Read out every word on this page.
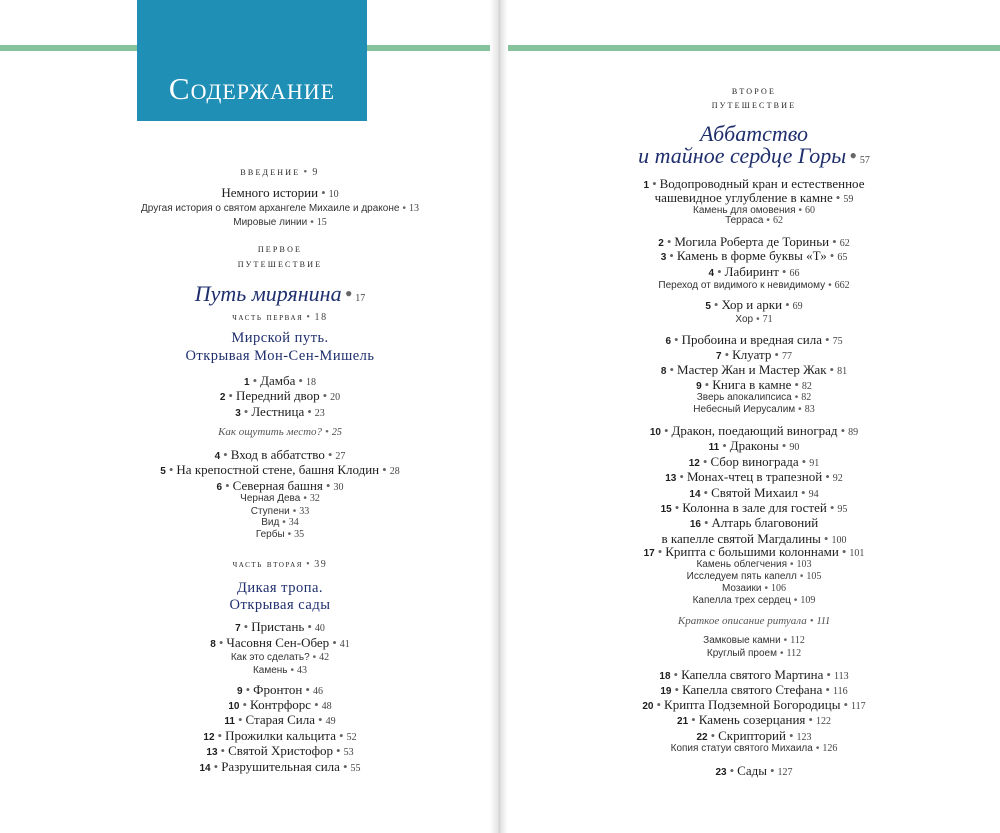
Содержание
введение • 9
Немного истории • 10
Другая история о святом архангеле Михаиле и драконе • 13
Мировые линии • 15
первое
путешествие
Путь мирянина • 17
часть первая • 18
Мирской путь.
Открывая Мон-Сен-Мишель
1 • Дамба • 18
2 • Передний двор • 20
3 • Лестница • 23
Как ощутить место? • 25
4 • Вход в аббатство • 27
5 • На крепостной стене, башня Клодин • 28
6 • Северная башня • 30
Черная Дева • 32
Ступени • 33
Вид • 34
Гербы • 35
часть вторая • 39
Дикая тропа.
Открывая сады
7 • Пристань • 40
8 • Часовня Сен-Обер • 41
Как это сделать? • 42
Камень • 43
9 • Фронтон • 46
10 • Контрфорс • 48
11 • Старая Сила • 49
12 • Прожилки кальцита • 52
13 • Святой Христофор • 53
14 • Разрушительная сила • 55
второе
путешествие
Аббатство
и тайное сердце Горы • 57
1 • Водопроводный кран и естественное
чашевидное углубление в камне • 59
Камень для омовения • 60
Терраса • 62
2 • Могила Роберта де Ториньи • 62
3 • Камень в форме буквы «Т» • 65
4 • Лабиринт • 66
Переход от видимого к невидимому • 662
5 • Хор и арки • 69
Хор • 71
6 • Пробоина и вредная сила • 75
7 • Клуатр • 77
8 • Мастер Жан и Мастер Жак • 81
9 • Книга в камне • 82
Зверь апокалипсиса • 82
Небесный Иерусалим • 83
10 • Дракон, поедающий виноград • 89
11 • Драконы • 90
12 • Сбор винограда • 91
13 • Монах-чтец в трапезной • 92
14 • Святой Михаил • 94
15 • Колонна в зале для гостей • 95
16 • Алтарь благовоний
в капелле святой Магдалины • 100
17 • Крипта с большими колоннами • 101
Камень облегчения • 103
Исследуем пять капелл • 105
Мозаики • 106
Капелла трех сердец • 109
Краткое описание ритуала • 111
Замковые камни • 112
Круглый проем • 112
18 • Капелла святого Мартина • 113
19 • Капелла святого Стефана • 116
20 • Крипта Подземной Богородицы • 117
21 • Камень созерцания • 122
22 • Скрипторий • 123
Копия статуи святого Михаила • 126
23 • Сады • 127
